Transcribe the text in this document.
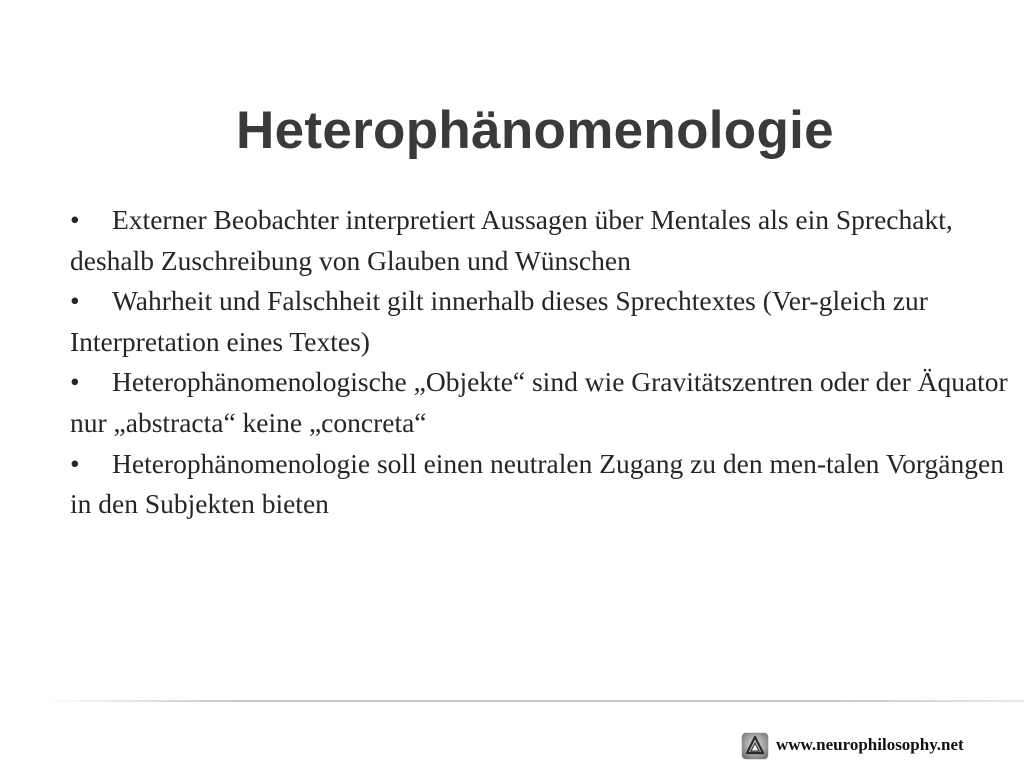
Heterophänomenologie
• Externer Beobachter interpretiert Aussagen über Mentales als ein Sprechakt, deshalb Zuschreibung von Glauben und Wünschen
• Wahrheit und Falschheit gilt innerhalb dieses Sprechtextes (Ver-gleich zur Interpretation eines Textes)
• Heterophänomenologische „Objekte“ sind wie Gravitätszentren oder der Äquator nur „abstracta“ keine „concreta“
• Heterophänomenologie soll einen neutralen Zugang zu den men-talen Vorgängen in den Subjekten bieten
www.neurophilosophy.net
